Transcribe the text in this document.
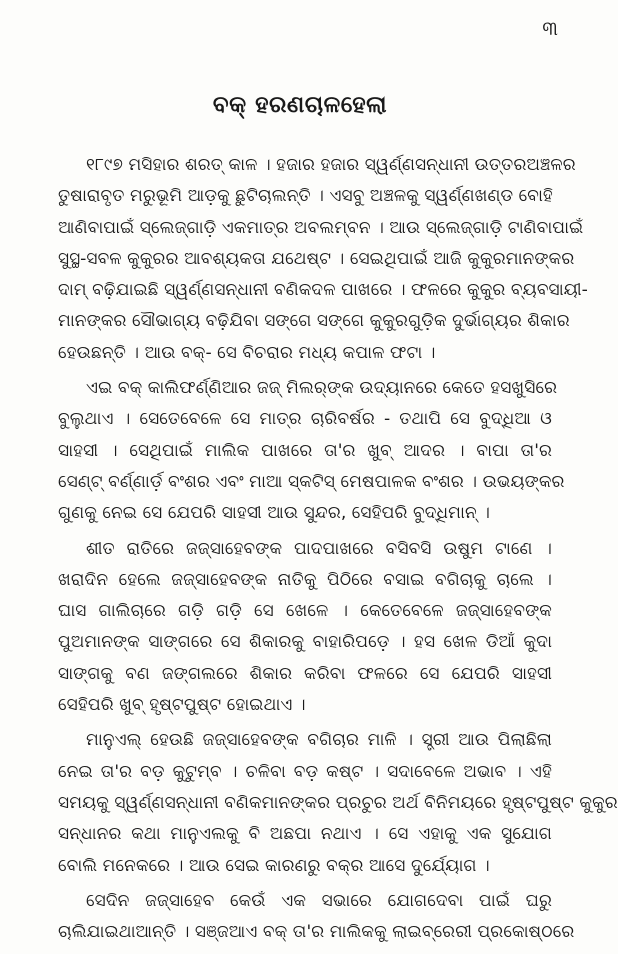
୩
ବକ୍ ହରଣଚାଳହେଲା
୧୮୯୭ ମସିହାର ଶରତ୍ କାଳ । ହଜାର ହଜାର ସ୍ୱର୍ଣ୍ଣସନ୍ଧାନୀ ଉତ୍ତରଅଞ୍ଚଳର
ତୁଷାରାବୃତ ମରୁଭୂମି ଆଡ଼କୁ ଛୁଟିଚାଲନ୍ତି । ଏସବୁ ଅଞ୍ଚଳକୁ ସ୍ୱର୍ଣ୍ଣଖଣ୍ଡ ବୋହି
ଆଣିବାପାଇଁ ସ୍ଲେଜ୍‌ଗାଡ଼ି ଏକମାତ୍ର ଅବଲମ୍ବନ । ଆଉ ସ୍ଲେଜ୍‌ଗାଡ଼ି ଟାଣିବାପାଇଁ
ସୁସ୍ଥ-ସବଳ କୁକୁରର ଆବଶ୍ୟକତା ଯଥେଷ୍ଟ । ସେଇଥିପାଇଁ ଆଜି କୁକୁରମାନଙ୍କର
ଦାମ୍ ବଢ଼ିଯାଇଛି ସ୍ୱର୍ଣ୍ଣସନ୍ଧାନୀ ବଣିକଦଳ ପାଖରେ । ଫଳରେ କୁକୁର ବ୍ୟବସାୟୀ-
ମାନଙ୍କର ସୌଭାଗ୍ୟ ବଢ଼ିଯିବା ସଙ୍ଗେ ସଙ୍ଗେ କୁକୁରଗୁଡ଼ିକ ଦୁର୍ଭାଗ୍ୟର ଶିକାର
ହେଉଛନ୍ତି । ଆଉ ବକ୍- ସେ ବିଚରାର ମଧ୍ୟ କପାଳ ଫଟା ।
ଏଇ ବକ୍ କାଲିଫର୍ଣ୍ଣିଆର ଜଜ୍ ମିଲର୍‌ଙ୍କ ଉଦ୍ୟାନରେ କେତେ ହସଖୁସିରେ
ବୁଲୁଥାଏ । ସେତେବେଳେ ସେ ମାତ୍ର ଚାରିବର୍ଷର - ତଥାପି ସେ ବୁଦ୍ଧିଆ ଓ
ସାହସୀ । ସେଥିପାଇଁ ମାଲିକ ପାଖରେ ତା'ର ଖୁବ୍ ଆଦର । ବାପା ତା'ର
ସେଣ୍ଟ୍ ବର୍ଣ୍ଣାର୍ଡ଼ ବଂଶର ଏବଂ ମାଆ ସ୍କଟିସ୍ ମେଷପାଳକ ବଂଶର । ଉଭୟଙ୍କର
ଗୁଣକୁ ନେଇ ସେ ଯେପରି ସାହସୀ ଆଉ ସୁନ୍ଦର, ସେହିପରି ବୁଦ୍ଧିମାନ୍ ।
ଶୀତ ରାତିରେ ଜଜ୍‌ସାହେବଙ୍କ ପାଦପାଖରେ ବସିବସି ଉଷୁମ ଟାଣେ ।
ଖରାଦିନ ହେଲେ ଜଜ୍‌ସାହେବଙ୍କ ନାତିକୁ ପିଠିରେ ବସାଇ ବଗିଚାକୁ ଚାଲେ ।
ଘାସ ଗାଲିଚାରେ ଗଡ଼ି ଗଡ଼ି ସେ ଖେଳେ । କେତେବେଳେ ଜଜ୍‌ସାହେବଙ୍କ
ପୁଅମାନଙ୍କ ସାଙ୍ଗରେ ସେ ଶିକାରକୁ ବାହାରିପଡ଼େ । ହସ ଖେଳ ଡିଆଁ କୁଦା
ସାଙ୍ଗକୁ ବଣ ଜଙ୍ଗଲରେ ଶିକାର କରିବା ଫଳରେ ସେ ଯେପରି ସାହସୀ
ସେହିପରି ଖୁବ୍ ହୃଷ୍ଟପୁଷ୍ଟ ହୋଇଥାଏ ।
ମାନୁଏଲ୍ ହେଉଛି ଜଜ୍‌ସାହେବଙ୍କ ବଗିଚାର ମାଳି । ସ୍ତ୍ରୀ ଆଉ ପିଲାଛିଲା
ନେଇ ତା'ର ବଡ଼ କୁଟୁମ୍ବ । ଚଳିବା ବଡ଼ କଷ୍ଟ । ସଦାବେଳେ ଅଭାବ । ଏହି
ସମୟକୁ ସ୍ୱର୍ଣ୍ଣସନ୍ଧାନୀ ବଣିକମାନଙ୍କର ପ୍ରଚୁର ଅର୍ଥ ବିନିମୟରେ ହୃଷ୍ଟପୁଷ୍ଟ କୁକୁର
ସନ୍ଧାନର କଥା ମାନୁଏଲକୁ ବି ଅଛପା ନଥାଏ । ସେ ଏହାକୁ ଏକ ସୁଯୋଗ
ବୋଲି ମନେକରେ । ଆଉ ସେଇ କାରଣରୁ ବକ୍‌ର ଆସେ ଦୁର୍ଯ୍ୟୋଗ ।
ସେଦିନ ଜଜ୍‌ସାହେବ କେଉଁ ଏକ ସଭାରେ ଯୋଗଦେବା ପାଇଁ ଘରୁ
ଚାଲିଯାଇଥାଆନ୍ତି । ସଞ୍ଜଆଏ ବକ୍ ତା'ର ମାଲିକକୁ ଲାଇବ୍ରେରୀ ପ୍ରକୋଷ୍ଠରେ
